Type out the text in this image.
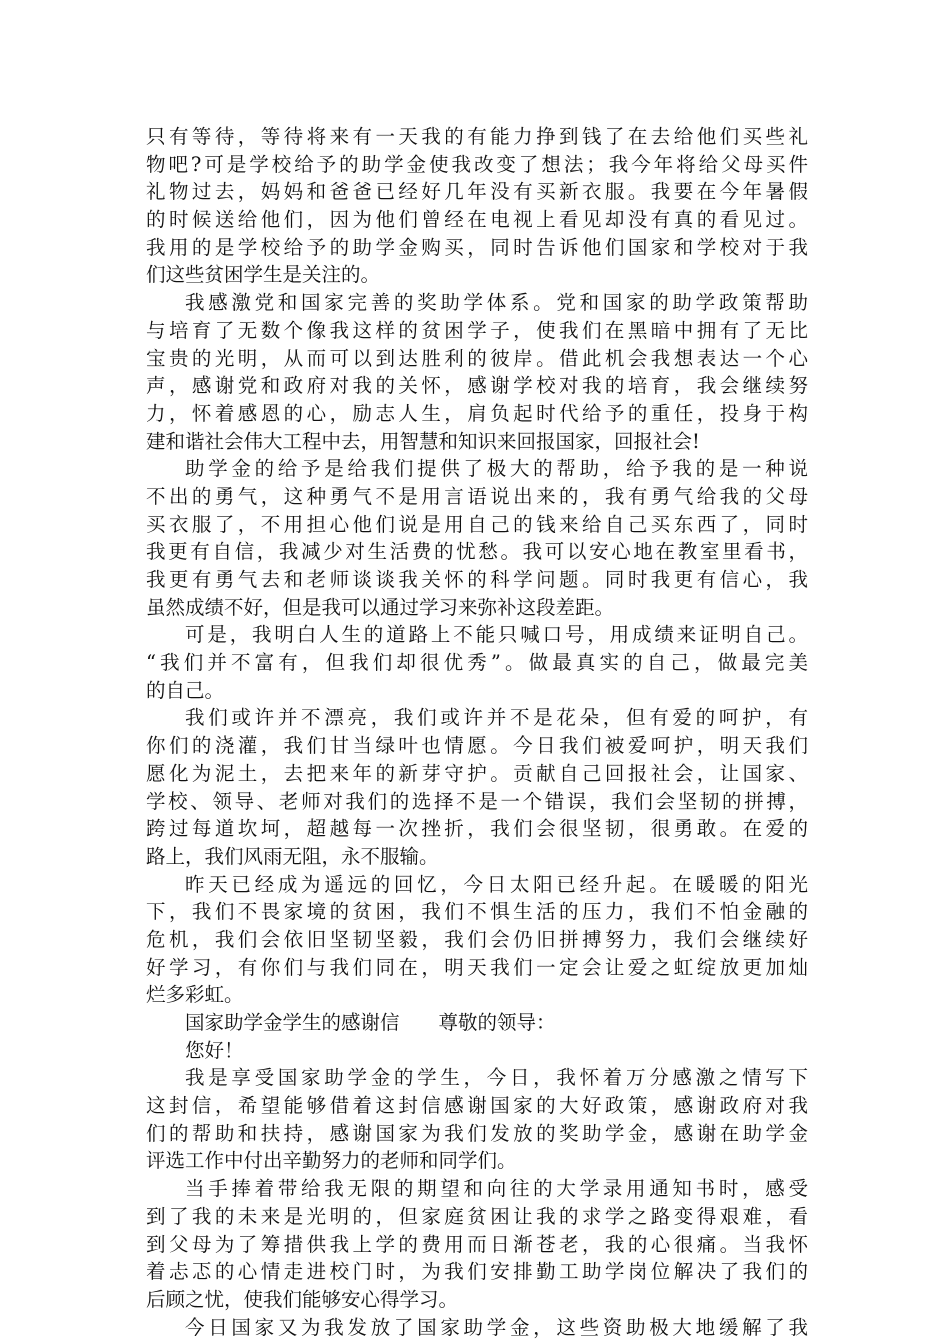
只有等待，等待将来有一天我的有能力挣到钱了在去给他们买些礼
物吧?可是学校给予的助学金使我改变了想法；我今年将给父母买件
礼物过去，妈妈和爸爸已经好几年没有买新衣服。我要在今年暑假
的时候送给他们，因为他们曾经在电视上看见却没有真的看见过。
我用的是学校给予的助学金购买，同时告诉他们国家和学校对于我
们这些贫困学生是关注的。
我感激党和国家完善的奖助学体系。党和国家的助学政策帮助
与培育了无数个像我这样的贫困学子，使我们在黑暗中拥有了无比
宝贵的光明，从而可以到达胜利的彼岸。借此机会我想表达一个心
声，感谢党和政府对我的关怀，感谢学校对我的培育，我会继续努
力，怀着感恩的心，励志人生，肩负起时代给予的重任，投身于构
建和谐社会伟大工程中去，用智慧和知识来回报国家，回报社会!
助学金的给予是给我们提供了极大的帮助，给予我的是一种说
不出的勇气，这种勇气不是用言语说出来的，我有勇气给我的父母
买衣服了，不用担心他们说是用自己的钱来给自己买东西了，同时
我更有自信，我减少对生活费的忧愁。我可以安心地在教室里看书，
我更有勇气去和老师谈谈我关怀的科学问题。同时我更有信心，我
虽然成绩不好，但是我可以通过学习来弥补这段差距。
可是，我明白人生的道路上不能只喊口号，用成绩来证明自己。
“我们并不富有，但我们却很优秀”。做最真实的自己，做最完美
的自己。
我们或许并不漂亮，我们或许并不是花朵，但有爱的呵护，有
你们的浇灌，我们甘当绿叶也情愿。今日我们被爱呵护，明天我们
愿化为泥土，去把来年的新芽守护。贡献自己回报社会，让国家、
学校、领导、老师对我们的选择不是一个错误，我们会坚韧的拼搏，
跨过每道坎坷，超越每一次挫折，我们会很坚韧，很勇敢。在爱的
路上，我们风雨无阻，永不服输。
昨天已经成为遥远的回忆，今日太阳已经升起。在暖暖的阳光
下，我们不畏家境的贫困，我们不惧生活的压力，我们不怕金融的
危机，我们会依旧坚韧坚毅，我们会仍旧拼搏努力，我们会继续好
好学习，有你们与我们同在，明天我们一定会让爱之虹绽放更加灿
烂多彩虹。
国家助学金学生的感谢信　　尊敬的领导：
您好！
我是享受国家助学金的学生，今日，我怀着万分感激之情写下
这封信，希望能够借着这封信感谢国家的大好政策，感谢政府对我
们的帮助和扶持，感谢国家为我们发放的奖助学金，感谢在助学金
评选工作中付出辛勤努力的老师和同学们。
当手捧着带给我无限的期望和向往的大学录用通知书时，感受
到了我的未来是光明的，但家庭贫困让我的求学之路变得艰难，看
到父母为了筹措供我上学的费用而日渐苍老，我的心很痛。当我怀
着忐忑的心情走进校门时，为我们安排勤工助学岗位解决了我们的
后顾之忧，使我们能够安心得学习。
今日国家又为我发放了国家助学金，这些资助极大地缓解了我
